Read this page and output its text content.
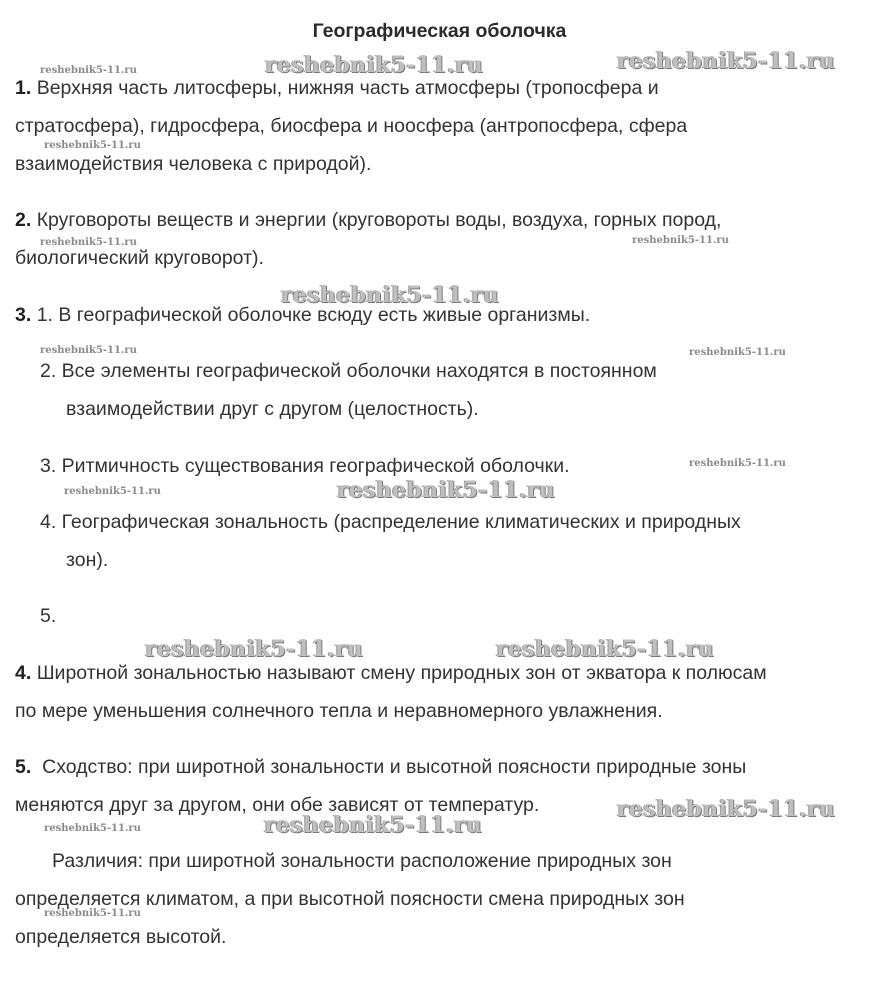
Географическая оболочка
reshebnik5-11.ru	reshebnik5-11.ru	reshebnik5-11.ru
reshebnik5-11.ru
reshebnik5-11.ru	reshebnik5-11.ru
reshebnik5-11.ru
reshebnik5-11.ru	reshebnik5-11.ru
reshebnik5-11.ru
reshebnik5-11.ru	reshebnik5-11.ru
reshebnik5-11.ru	reshebnik5-11.ru
reshebnik5-11.ru
reshebnik5-11.ru	reshebnik5-11.ru
reshebnik5-11.ru
1. Верхняя часть литосферы, нижняя часть атмосферы (тропосфера и
стратосфера), гидросфера, биосфера и ноосфера (антропосфера, сфера
взаимодействия человека с природой).
2. Круговороты веществ и энергии (круговороты воды, воздуха, горных пород,
биологический круговорот).
3. 1. В географической оболочке всюду есть живые организмы.
2. Все элементы географической оболочки находятся в постоянном
взаимодействии друг с другом (целостность).
3. Ритмичность существования географической оболочки.
4. Географическая зональность (распределение климатических и природных
зон).
5.
4. Широтной зональностью называют смену природных зон от экватора к полюсам
по мере уменьшения солнечного тепла и неравномерного увлажнения.
5. Сходство: при широтной зональности и высотной поясности природные зоны
меняются друг за другом, они обе зависят от температур.
Различия: при широтной зональности расположение природных зон
определяется климатом, а при высотной поясности смена природных зон
определяется высотой.
